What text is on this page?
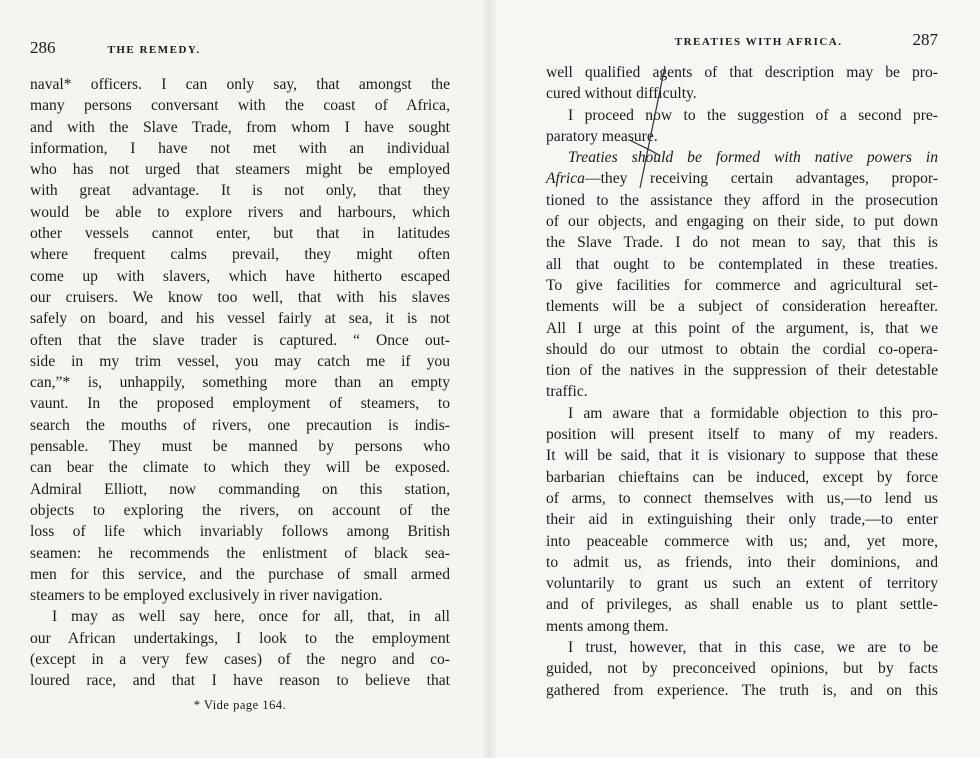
286	THE REMEDY.

naval* officers. I can only say, that amongst the

many persons conversant with the coast of Africa,

and with the Slave Trade, from whom I have sought

information, I have not met with an individual

who has not urged that steamers might be employed

with great advantage. It is not only, that they

would be able to explore rivers and harbours, which

other vessels cannot enter, but that in latitudes

where frequent calms prevail, they might often

come up with slavers, which have hitherto escaped

our cruisers. We know too well, that with his slaves

safely on board, and his vessel fairly at sea, it is not

often that the slave trader is captured. “ Once out-

side in my trim vessel, you may catch me if you

can,”* is, unhappily, something more than an empty

vaunt. In the proposed employment of steamers, to

search the mouths of rivers, one precaution is indis-

pensable. They must be manned by persons who

can bear the climate to which they will be exposed.

Admiral Elliott, now commanding on this station,

objects to exploring the rivers, on account of the

loss of life which invariably follows among British

seamen: he recommends the enlistment of black sea-

men for this service, and the purchase of small armed

steamers to be employed exclusively in river navigation.

I may as well say here, once for all, that, in all

our African undertakings, I look to the employment

(except in a very few cases) of the negro and co-

loured race, and that I have reason to believe that

* Vide page 164.
TREATIES WITH AFRICA.	287

well qualified agents of that description may be pro-

cured without difficulty.

I proceed now to the suggestion of a second pre-

paratory measure.

Treaties should be formed with native powers in

Africa—they receiving certain advantages, propor-

tioned to the assistance they afford in the prosecution

of our objects, and engaging on their side, to put down

the Slave Trade. I do not mean to say, that this is

all that ought to be contemplated in these treaties.

To give facilities for commerce and agricultural set-

tlements will be a subject of consideration hereafter.

All I urge at this point of the argument, is, that we

should do our utmost to obtain the cordial co-opera-

tion of the natives in the suppression of their detestable

traffic.

I am aware that a formidable objection to this pro-

position will present itself to many of my readers.

It will be said, that it is visionary to suppose that these

barbarian chieftains can be induced, except by force

of arms, to connect themselves with us,—to lend us

their aid in extinguishing their only trade,—to enter

into peaceable commerce with us; and, yet more,

to admit us, as friends, into their dominions, and

voluntarily to grant us such an extent of territory

and of privileges, as shall enable us to plant settle-

ments among them.

I trust, however, that in this case, we are to be

guided, not by preconceived opinions, but by facts

gathered from experience. The truth is, and on this
